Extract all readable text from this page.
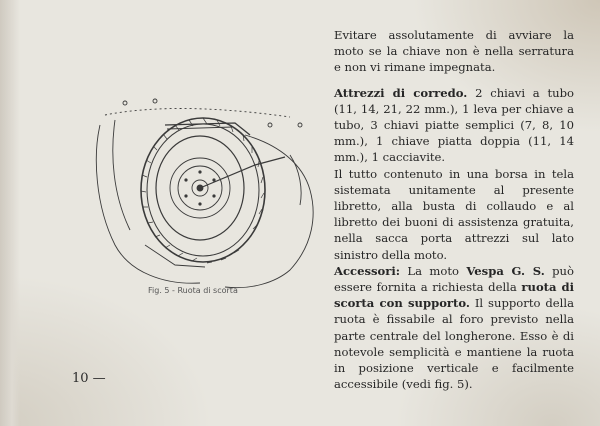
Fig. 5 - Ruota di scorta

Evitare assolutamente di avviare la moto se la chiave non è nella serratura e non vi rimane impegnata.

Attrezzi di corredo. 2 chiavi a tubo (11, 14, 21, 22 mm.), 1 leva per chiave a tubo, 3 chiavi piatte semplici (7, 8, 10 mm.), 1 chiave piatta doppia (11, 14 mm.), 1 cacciavite.

Il tutto contenuto in una borsa in tela sistemata unitamente al presente libretto, alla busta di collaudo e al libretto dei buoni di assistenza gratuita, nella sacca porta attrezzi sul lato sinistro della moto.

Accessori: La moto Vespa G. S. può essere fornita a richiesta della ruota di scorta con supporto. Il supporto della ruota è fissabile al foro previsto nella parte centrale del longherone. Esso è di notevole semplicità e mantiene la ruota in posizione verticale e facilmente accessibile (vedi fig. 5).

10 —
